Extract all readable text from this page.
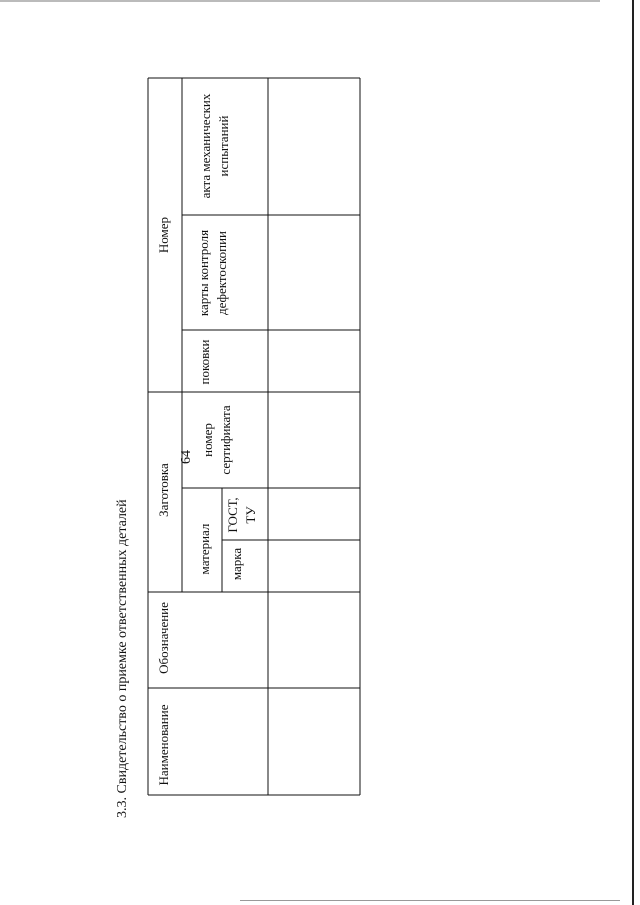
64
3.3. Свидетельство о приемке ответственных деталей	Наименование
Обозначение
Заготовка
материал марка
ГОСТ, ТУ
номер сертификата
Номер
поковки
карты контроля дефектоскопии
акта механических испытаний
